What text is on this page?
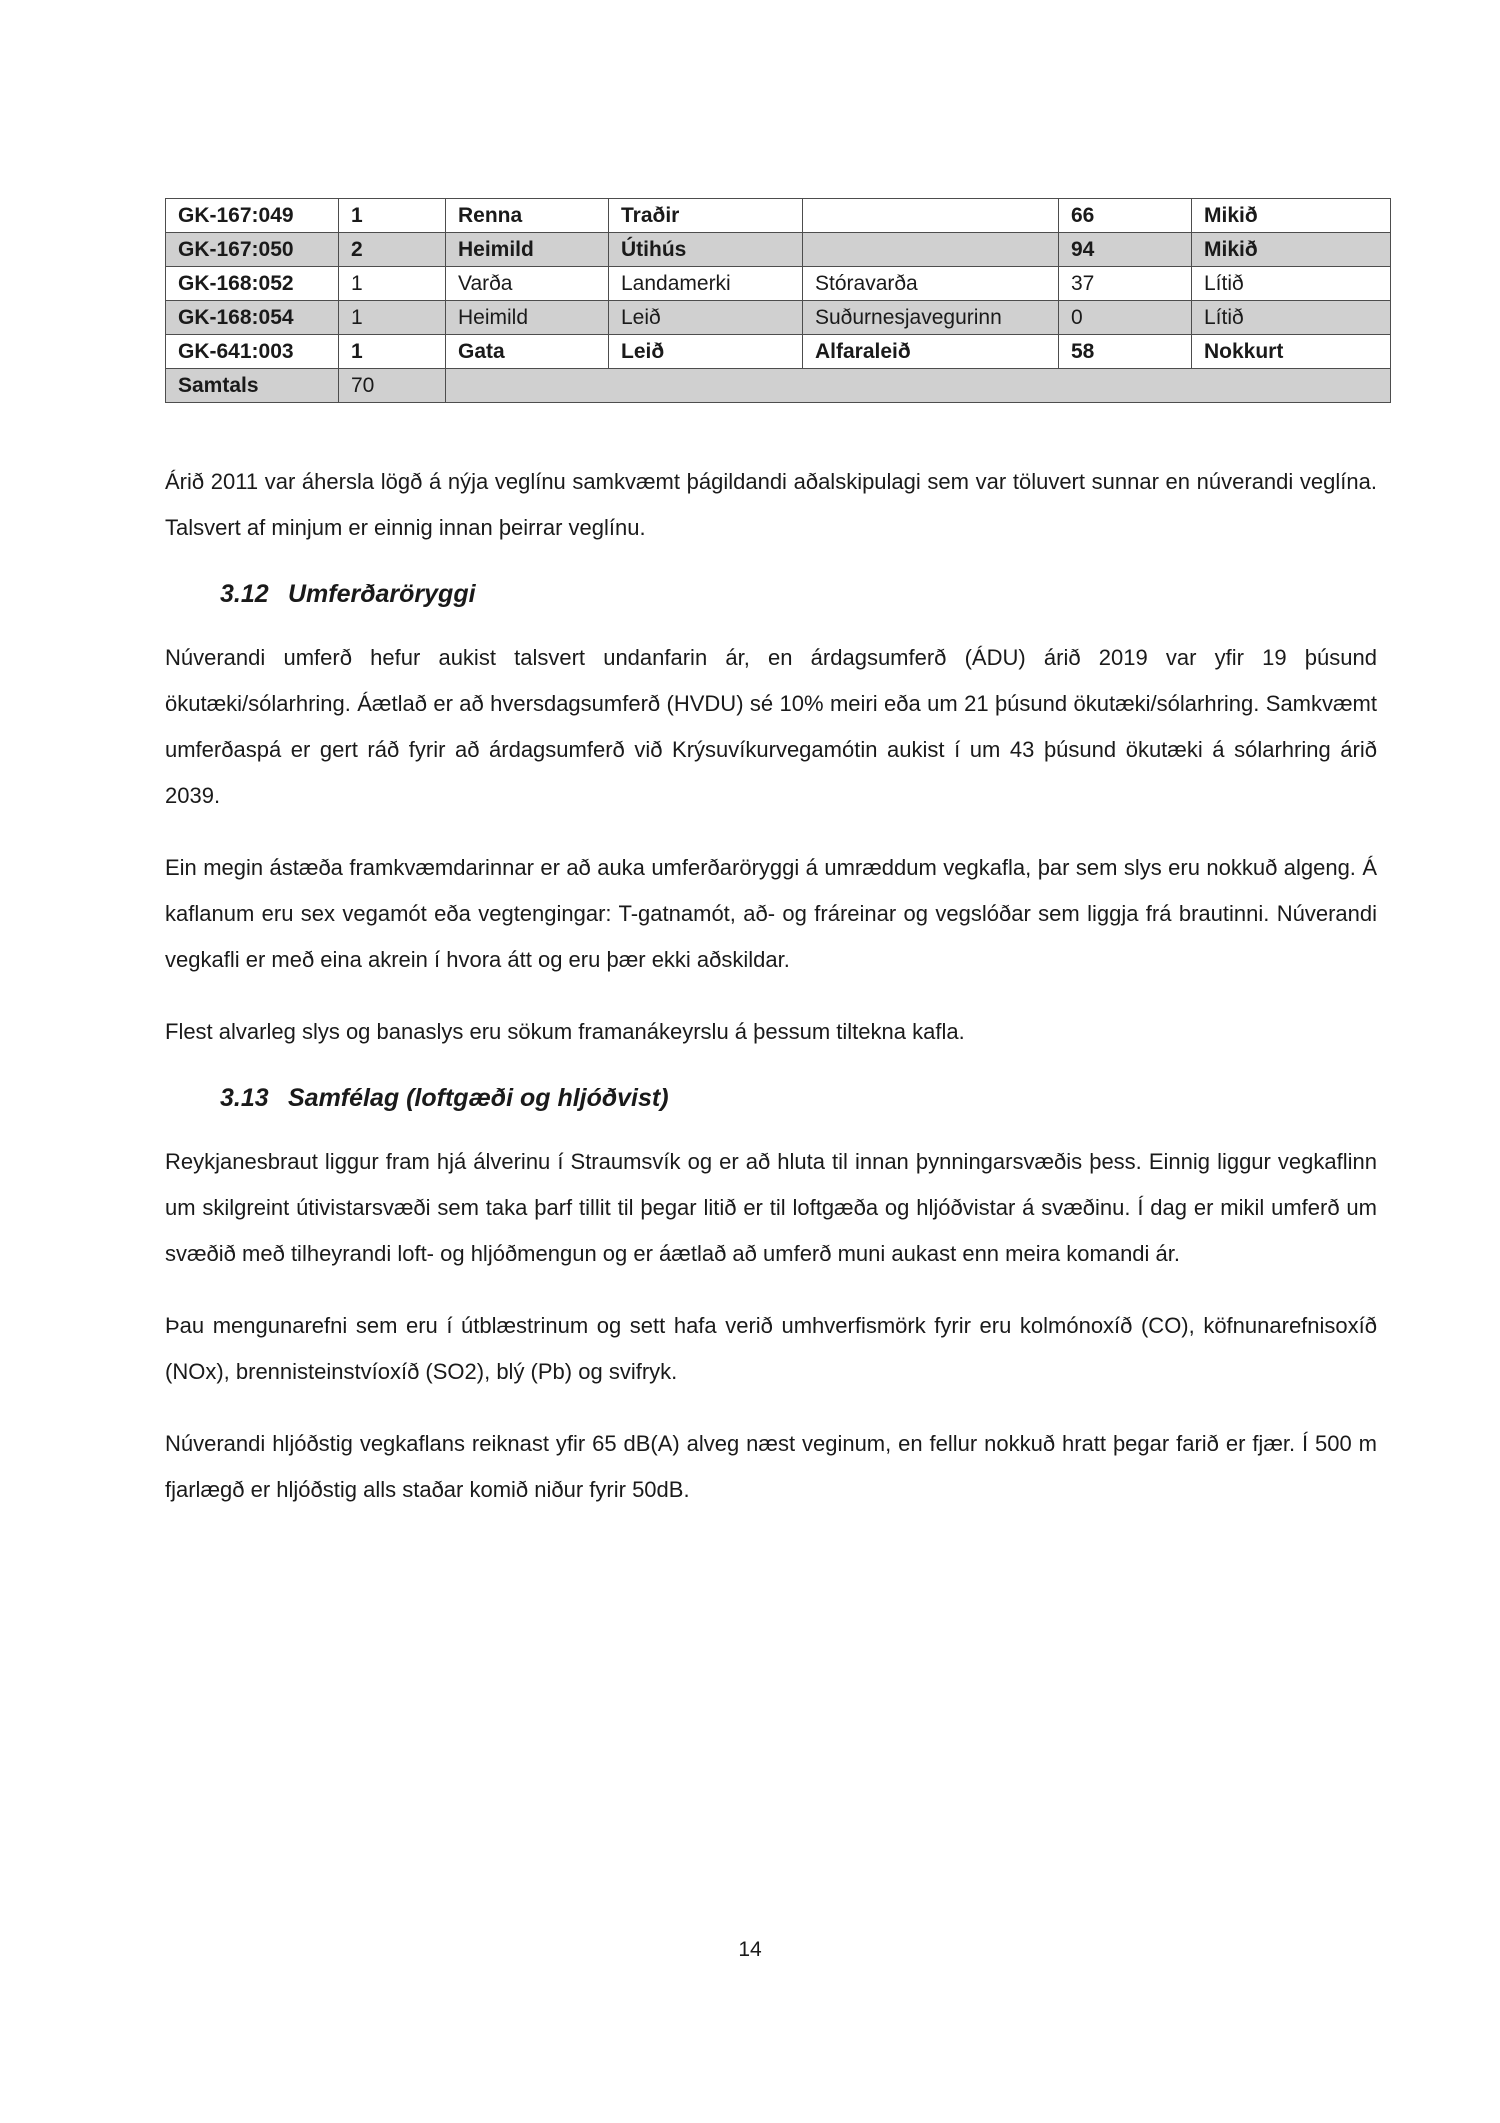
GK-167:049	1	Renna	Traðir		66	Mikið
GK-167:050	2	Heimild	Útihús		94	Mikið
GK-168:052	1	Varða	Landamerki	Stóravarða	37	Lítið
GK-168:054	1	Heimild	Leið	Suðurnesjavegurinn	0	Lítið
GK-641:003	1	Gata	Leið	Alfaraleið	58	Nokkurt
Samtals	70					

Árið 2011 var áhersla lögð á nýja veglínu samkvæmt þágildandi aðalskipulagi sem var töluvert sunnar en núverandi veglína. Talsvert af minjum er einnig innan þeirrar veglínu.

3.12 Umferðaröryggi

Núverandi umferð hefur aukist talsvert undanfarin ár, en árdagsumferð (ÁDU) árið 2019 var yfir 19 þúsund ökutæki/sólarhring. Áætlað er að hversdagsumferð (HVDU) sé 10% meiri eða um 21 þúsund ökutæki/sólarhring. Samkvæmt umferðaspá er gert ráð fyrir að árdagsumferð við Krýsuvíkurvegamótin aukist í um 43 þúsund ökutæki á sólarhring árið 2039.

Ein megin ástæða framkvæmdarinnar er að auka umferðaröryggi á umræddum vegkafla, þar sem slys eru nokkuð algeng. Á kaflanum eru sex vegamót eða vegtengingar: T-gatnamót, að- og fráreinar og vegslóðar sem liggja frá brautinni. Núverandi vegkafli er með eina akrein í hvora átt og eru þær ekki aðskildar.

Flest alvarleg slys og banaslys eru sökum framanákeyrslu á þessum tiltekna kafla.

3.13 Samfélag (loftgæði og hljóðvist)

Reykjanesbraut liggur fram hjá álverinu í Straumsvík og er að hluta til innan þynningarsvæðis þess. Einnig liggur vegkaflinn um skilgreint útivistarsvæði sem taka þarf tillit til þegar litið er til loftgæða og hljóðvistar á svæðinu. Í dag er mikil umferð um svæðið með tilheyrandi loft- og hljóðmengun og er áætlað að umferð muni aukast enn meira komandi ár.

Þau mengunarefni sem eru í útblæstrinum og sett hafa verið umhverfismörk fyrir eru kolmónoxíð (CO), köfnunarefnisoxíð (NOx), brennisteinstvíoxíð (SO2), blý (Pb) og svifryk.

Núverandi hljóðstig vegkaflans reiknast yfir 65 dB(A) alveg næst veginum, en fellur nokkuð hratt þegar farið er fjær. Í 500 m fjarlægð er hljóðstig alls staðar komið niður fyrir 50dB.

14
